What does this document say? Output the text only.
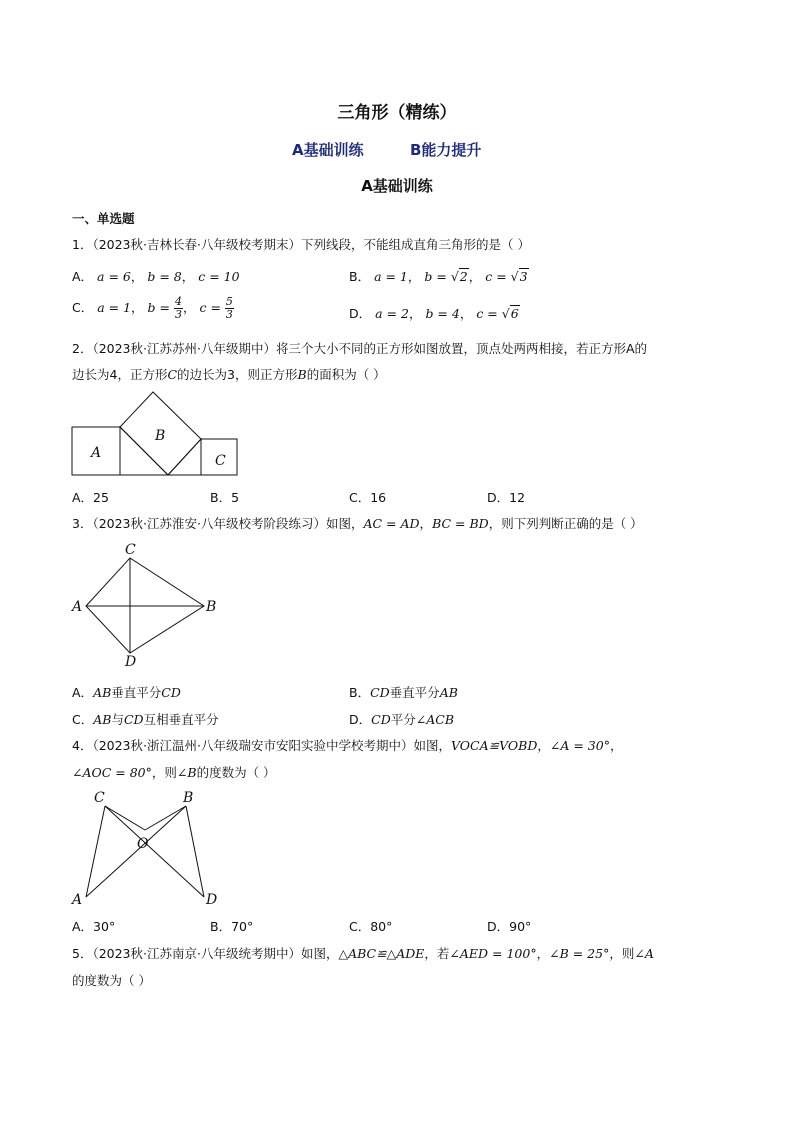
三角形（精练）
A基础训练	B能力提升
A基础训练
一、单选题
1．（2023秋·吉林长春·八年级校考期末）下列线段，不能组成直角三角形的是（ ）
A． a = 6， b = 8， c = 10	B． a = 1， b = √2， c = √3
C． a = 1， $b = \frac{4}{3}$ ， $c = \frac{5}{3}$	D． a = 2， b = 4， c = √6
2．（2023秋·江苏苏州·八年级期中）将三个大小不同的正方形如图放置，顶点处两两相接，若正方形A的
边长为4，正方形C的边长为3，则正方形B的面积为（ ）
A
B
C
A．25	B．5	C．16	D．12
3．（2023秋·江苏淮安·八年级校考阶段练习）如图，AC = AD，BC = BD，则下列判断正确的是（ ）
A	B
C
D
A．AB垂直平分CD	B．CD垂直平分AB
C．AB与CD互相垂直平分	D．CD平分∠ACB
4．（2023秋·浙江温州·八年级瑞安市安阳实验中学校考期中）如图，VOCA≌VOBD，∠A = 30°，
∠AOC = 80°，则∠B的度数为（ ）
C	B
O
A	D
A．30°	B．70°	C．80°	D．90°
5．（2023秋·江苏南京·八年级统考期中）如图，△ABC≌△ADE，若∠AED = 100°，∠B = 25°，则∠A
的度数为（ ）
